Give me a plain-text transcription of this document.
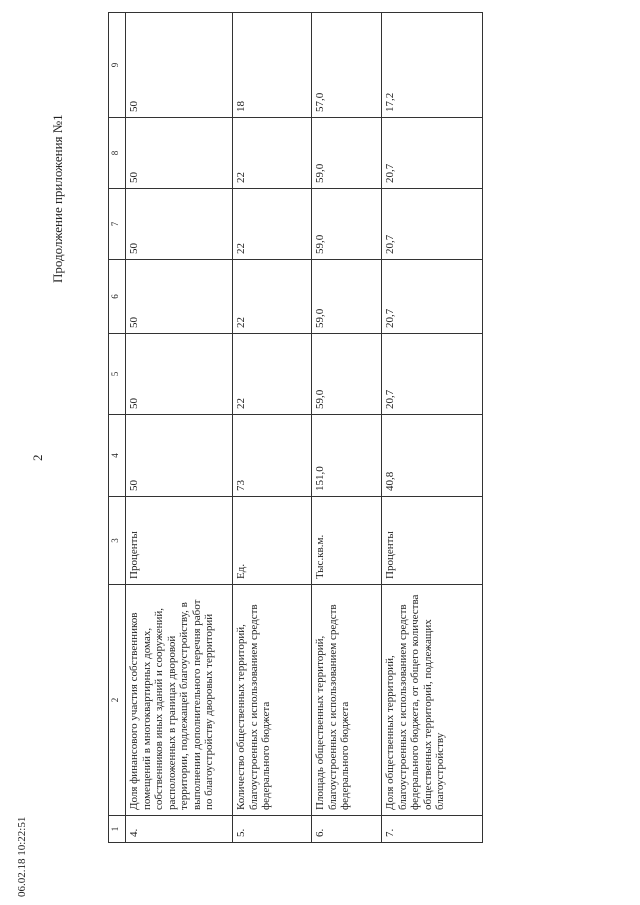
2
Продолжение приложения №1
06.02.18 10:22:51	1	2	3	4	5	6	7	8	9
4.	Доля финансового участия собственников помещений в многоквартирных домах, собственников иных зданий и сооружений, расположенных в границах дворовой территории, подлежащей благоустройству, в выполнении дополнительного перечня работ по благоустройству дворовых территорий	Проценты	50	50	50	50	50	50
5.	Количество общественных территорий, благоустроенных с использованием средств федерального бюджета	Ед.	73	22	22	22	22	18
6.	Площадь общественных территорий, благоустроенных с использованием средств федерального бюджета	Тыс.кв.м.	151,0	59,0	59,0	59,0	59,0	57,0
7.	Доля общественных территорий, благоустроенных с использованием средств федерального бюджета, от общего количества общественных территорий, подлежащих благоустройству	Проценты	40,8	20,7	20,7	20,7	20,7	17,2
